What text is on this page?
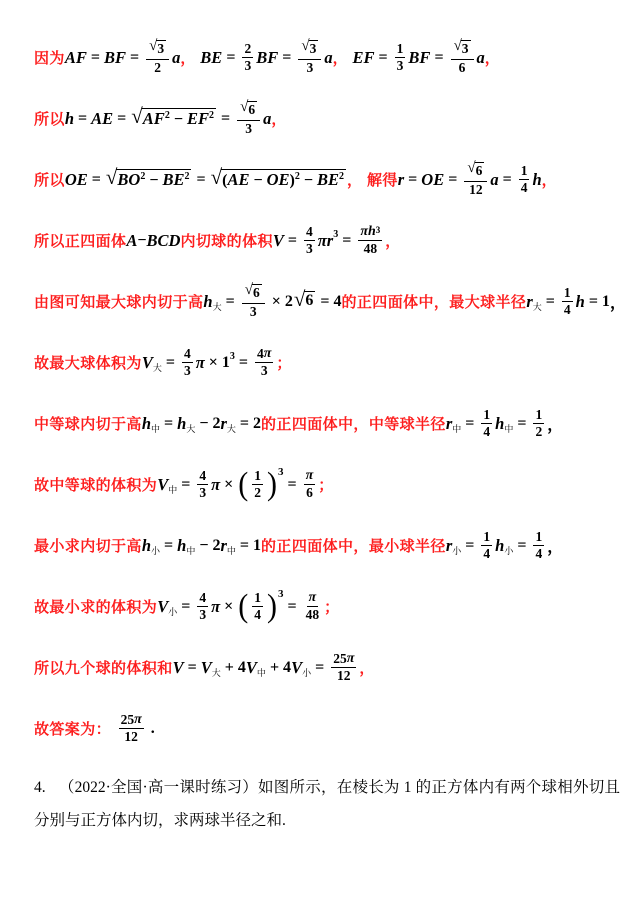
因为 AF = BF = $\frac{√ 3}{2}$ a ， BE = $\frac{2}{3}$ BF = $\frac{√ 3}{3}$ a ， EF = $\frac{1}{3}$ BF = $\frac{√ 3}{6}$ a ，
所以 h = AE = √ $AF^2 - EF^2 = \frac{√ 6}{3}$ a ，
所以 OE = √ $BO^2 - BE^2$ = √ $(AE - OE)^2 - BE^2$ ， 解得 r = OE = $\frac{√ 6}{12}$ $a = \frac{1}{4}$ h ，
所以正四面体 A − BCD 内切球的体积 $V = \frac{4}{3}$ πr $3 = \frac{\pi h 3}{48}$ ，
由图可知最大球内切于高 h 大 = $\frac{√ 6}{3} \times 2$ √ 6 = 4 的正四面体中，最大球半径 r 大 = $\frac{1}{4}$ h = 1 ，
故最大球体积为 V 大 = $\frac{4}{3}$ π × 1 $3 = \frac{4 \pi}{3}$ ；
中等球内切于高 h 中 = h 大 − 2 r 大 = 2 的正四面体中，中等球半径 r 中 = $\frac{1}{4}$ h 中 = $\frac{1}{2}$ ，
故中等球的体积为 V 中 = $\frac{4}{3}$ π × ( $\frac{1}{2}$ ) 3
= $\frac{\pi}{6}$ ；
最小求内切于高 h 小 = h 中 − 2 r 中 = 1 的正四面体中，最小球半径 r 小 = $\frac{1}{4}$ h 小 = $\frac{1}{4}$ ，
故最小求的体积为 V 小 = $\frac{4}{3}$ π × ( $\frac{1}{4}$ ) 3
= $\frac{\pi}{48}$ ；
所以九个球的体积和 V = V 大 + 4 V 中 + 4 V 小 = $\frac{25 \pi}{12}$ ，
故答案为： $\frac{25 \pi}{12}$ .

4. （2022·全国·高一课时练习）如图所示，在棱长为 1 的正方体内有两个球相外切且分别与正方体内切，求两球半径之和.
